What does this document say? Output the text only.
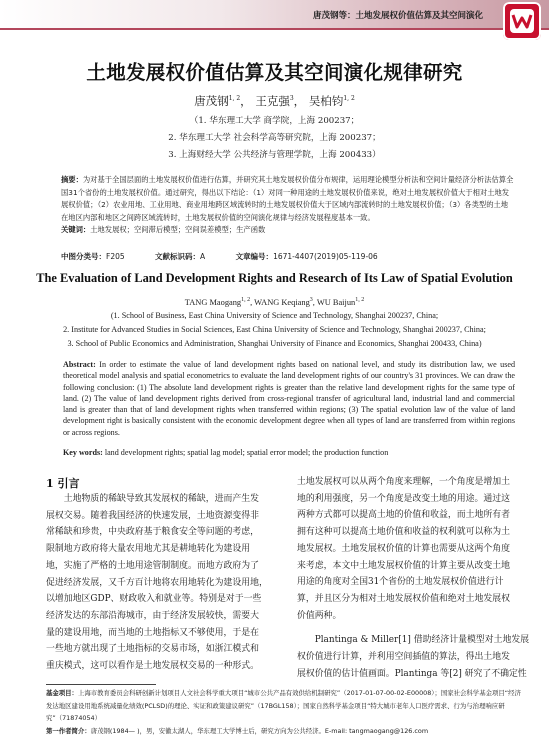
唐茂钢等：土地发展权价值估算及其空间演化
土地发展权价值估算及其空间演化规律研究
唐茂钢$^{1, 2}$， 王克强$^3$， 吴柏钧$^{1, 2}$
（1. 华东理工大学 商学院，上海 200237；
2. 华东理工大学 社会科学高等研究院，上海 200237；
3. 上海财经大学 公共经济与管理学院，上海 200433）
摘要：为对基于全国层面的土地发展权价值进行估算，并研究其土地发展权价值分布规律，运用理论模型分析法和空间计量经济分析法估算全国31个省份的土地发展权价值。通过研究，得出以下结论：（1）对同一种用途的土地发展权价值来说，绝对土地发展权价值大于相对土地发展权价值；（2）农业用地、工业用地、商业用地跨区域流转时的土地发展权价值大于区域内部流转时的土地发展权价值；（3）各类型的土地在地区内部和地区之间跨区域流转时，土地发展权价值的空间演化规律与经济发展程度基本一致。
关键词：土地发展权；空间滞后模型；空间误差模型；生产函数
中图分类号：F205	文献标识码：A	文章编号：1671-4407(2019)05-119-06
The Evaluation of Land Development Rights and Research of Its Law of Spatial Evolution
TANG Maogang$^{1, 2}$, WANG Keqiang$^3$, WU Baijun$^{1, 2}$
(1. School of Business, East China University of Science and Technology, Shanghai 200237, China;
2. Institute for Advanced Studies in Social Sciences, East China University of Science and Technology, Shanghai 200237, China;
3. School of Public Economics and Administration, Shanghai University of Finance and Economics, Shanghai 200433, China)
Abstract: In order to estimate the value of land development rights based on national level, and study its distribution law, we used theoretical model analysis and spatial econometrics to evaluate the land development rights of our country's 31 provinces. We can draw the following conclusion: (1) The absolute land development rights is greater than the relative land development rights for the same type of land. (2) The value of land development rights derived from cross-regional transfer of agricultural land, industrial land and commercial land is greater than that of land development rights when transferred within regions; (3) The spatial evolution law of the value of land development right is basically consistent with the economic development degree when all types of land are transferred from within regions or across regions.
Key words: land development rights; spatial lag model; spatial error model; the production function
1 引言
　　土地物质的稀缺导致其发展权的稀缺，进而产生发
展权交易。随着我国经济的快速发展，土地资源变得非
常稀缺和珍贵，中央政府基于粮食安全等问题的考虑，
限制地方政府将大量农用地尤其是耕地转化为建设用
地，实施了严格的土地用途管制制度。而地方政府为了
促进经济发展，又千方百计地将农用地转化为建设用地，
以增加地区GDP、财政收入和就业等。特别是对于一些
经济发达的东部沿海城市，由于经济发展较快，需要大
量的建设用地，而当地的土地指标又不够使用，于是在
一些地方就出现了土地指标的交易市场，如浙江模式和
重庆模式，这可以看作是土地发展权交易的一种形式。
土地发展权可以从两个角度来理解，一个角度是增加土
地的利用强度，另一个角度是改变土地的用途。通过这
两种方式都可以提高土地的价值和收益，而土地所有者
拥有这种可以提高土地价值和收益的权利就可以称为土
地发展权。土地发展权价值的计算也需要从这两个角度
来考虑，本文中土地发展权价值的计算主要从改变土地
用途的角度对全国31个省份的土地发展权价值进行计
算，并且区分为相对土地发展权价值和绝对土地发展权
价值两种。
　　Plantinga & Miller[1] 借助经济计量模型对土地发展
权价值进行计算，并利用空间插值的算法，得出土地发
展权价值的估计值画面。Plantinga 等[2] 研究了不确定性
基金项目：上海市教育委员会科研创新计划项目人文社会科学重大项目“城市公共产品有效供给机制研究”（2017-01-07-00-02-E00008）；国家社会科学基金项目“经济发达地区建设用地系统减量化绩效(PCLSD)的理论、实证和政策建议研究”（17BGL158）；国家自然科学基金项目“特大城市老年人口医疗需求、行为与治理响应研究”（71874054）
第一作者简介：唐茂钢(1984— )，男，安徽太湖人，华东理工大学博士后，研究方向为公共经济。E-mail: tangmaogang@126.com
